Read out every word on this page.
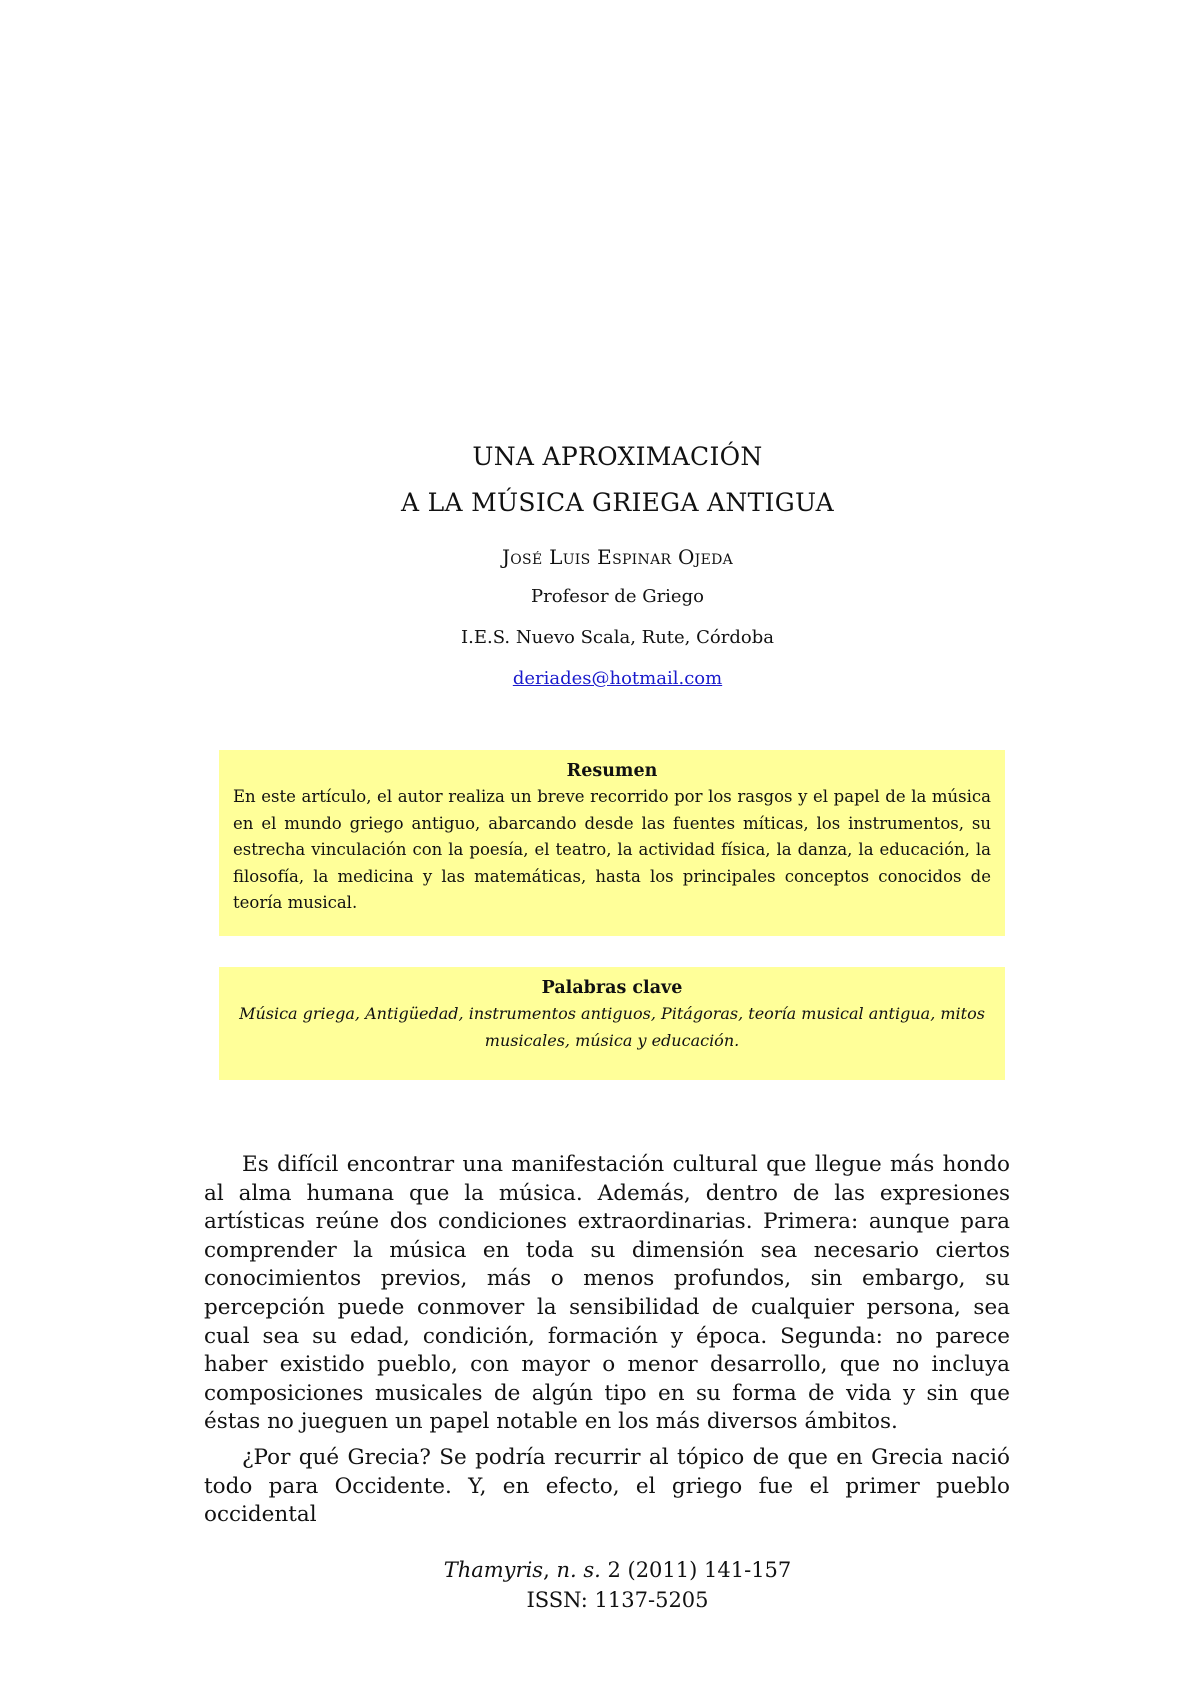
UNA APROXIMACIÓN
A LA MÚSICA GRIEGA ANTIGUA
José Luis Espinar Ojeda
Profesor de Griego
I.E.S. Nuevo Scala, Rute, Córdoba
deriades@hotmail.com

Resumen

En este artículo, el autor realiza un breve recorrido por los rasgos y el papel de la música en el mundo griego antiguo, abarcando desde las fuentes míticas, los instrumentos, su estrecha vinculación con la poesía, el teatro, la actividad física, la danza, la educación, la filosofía, la medicina y las matemáticas, hasta los principales conceptos conocidos de teoría musical.

Palabras clave

Música griega, Antigüedad, instrumentos antiguos, Pitágoras, teoría musical antigua, mitos musicales, música y educación.

Es difícil encontrar una manifestación cultural que llegue más hondo al alma humana que la música. Además, dentro de las expresiones artísticas reúne dos condiciones extraordinarias. Primera: aunque para comprender la música en toda su dimensión sea necesario ciertos conocimientos previos, más o menos profundos, sin embargo, su percepción puede conmover la sensibilidad de cualquier persona, sea cual sea su edad, condición, formación y época. Segunda: no parece haber existido pueblo, con mayor o menor desarrollo, que no incluya composiciones musicales de algún tipo en su forma de vida y sin que éstas no jueguen un papel notable en los más diversos ámbitos.

¿Por qué Grecia? Se podría recurrir al tópico de que en Grecia nació todo para Occidente. Y, en efecto, el griego fue el primer pueblo occidental

Thamyris, n. s. 2 (2011) 141-157
ISSN: 1137-5205
